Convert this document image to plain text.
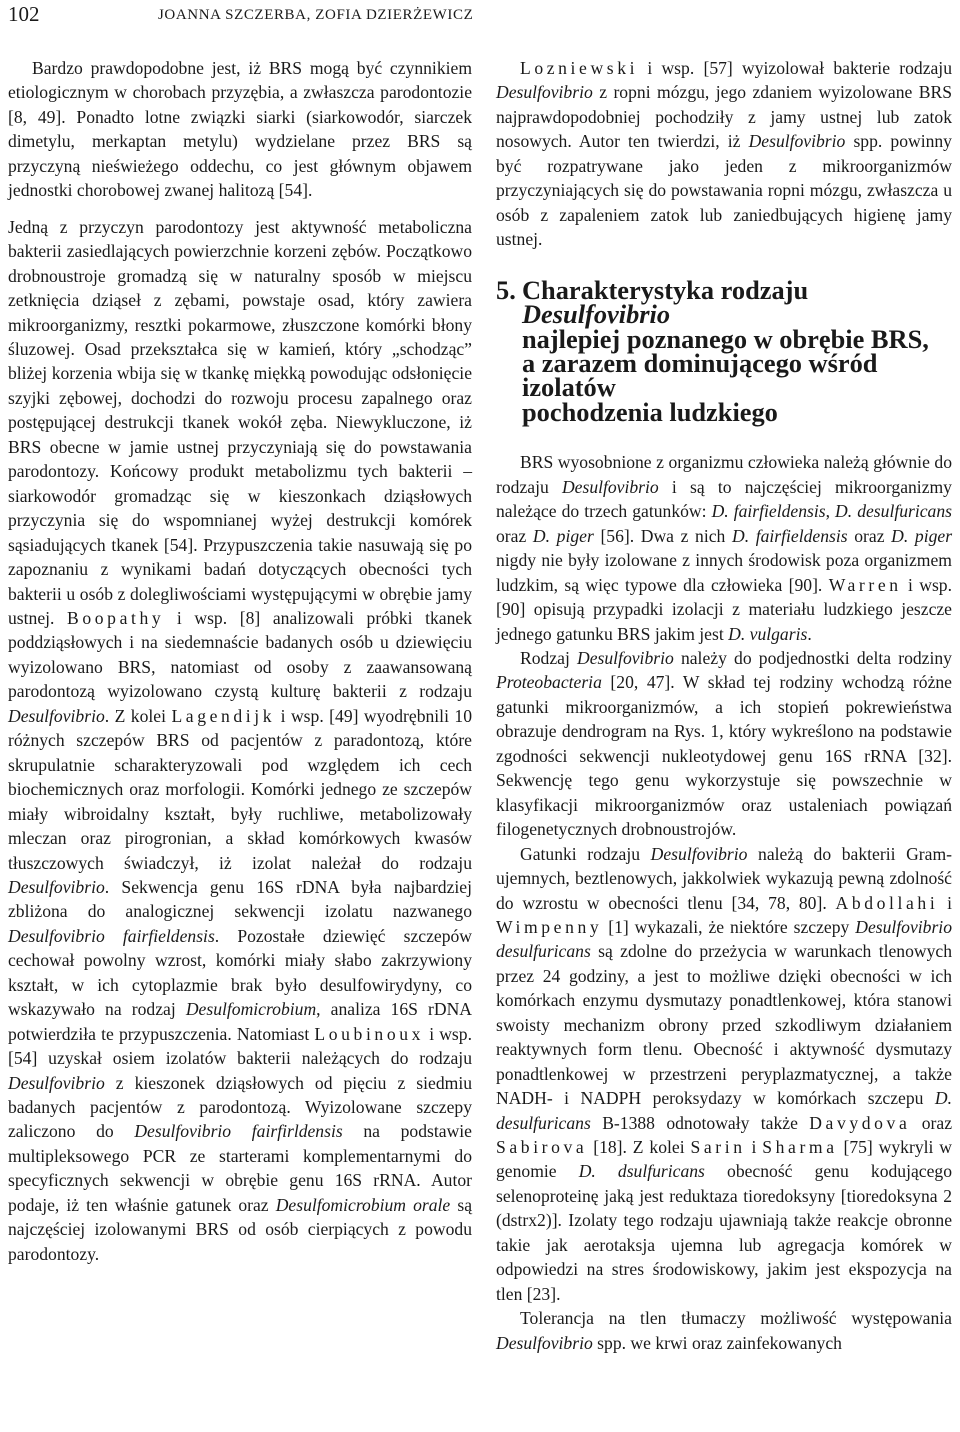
102	JOANNA SZCZERBA, ZOFIA DZIERŻEWICZ

Bardzo prawdopodobne jest, iż BRS mogą być czynnikiem etiologicznym w chorobach przyzębia, a zwłaszcza parodontozie [8, 49]. Ponadto lotne związki siarki (siarkowodór, siarczek dimetylu, merkaptan metylu) wydzielane przez BRS są przyczyną nieświeżego oddechu, co jest głównym objawem jednostki chorobowej zwanej halitozą [54].

Jedną z przyczyn parodontozy jest aktywność metaboliczna bakterii zasiedlających powierzchnie korzeni zębów. Początkowo drobnoustroje gromadzą się w naturalny sposób w miejscu zetknięcia dziąseł z zębami, powstaje osad, który zawiera mikroorganizmy, resztki pokarmowe, złuszczone komórki błony śluzowej. Osad przekształca się w kamień, który „schodząc” bliżej korzenia wbija się w tkankę miękką powodując odsłonięcie szyjki zębowej, dochodzi do rozwoju procesu zapalnego oraz postępującej destrukcji tkanek wokół zęba. Niewykluczone, iż BRS obecne w jamie ustnej przyczyniają się do powstawania parodontozy. Końcowy produkt metabolizmu tych bakterii – siarkowodór gromadząc się w kieszonkach dziąsłowych przyczynia się do wspomnianej wyżej destrukcji komórek sąsiadujących tkanek [54]. Przypuszczenia takie nasuwają się po zapoznaniu z wynikami badań dotyczących obecności tych bakterii u osób z dolegliwościami występującymi w obrębie jamy ustnej. Boopathy i wsp. [8] analizowali próbki tkanek poddziąsłowych i na siedemnaście badanych osób u dziewięciu wyizolowano BRS, natomiast od osoby z zaawansowaną parodontozą wyizolowano czystą kulturę bakterii z rodzaju Desulfovibrio. Z kolei Lagendijk i wsp. [49] wyodrębnili 10 różnych szczepów BRS od pacjentów z paradontozą, które skrupulatnie scharakteryzowali pod względem ich cech biochemicznych oraz morfologii. Komórki jednego ze szczepów miały wibroidalny kształt, były ruchliwe, metabolizowały mleczan oraz pirogronian, a skład komórkowych kwasów tłuszczowych świadczył, iż izolat należał do rodzaju Desulfovibrio. Sekwencja genu 16S rDNA była najbardziej zbliżona do analogicznej sekwencji izolatu nazwanego Desulfovibrio fairfieldensis. Pozostałe dziewięć szczepów cechował powolny wzrost, komórki miały słabo zakrzywiony kształt, w ich cytoplazmie brak było desulfowirydyny, co wskazywało na rodzaj Desulfomicrobium, analiza 16S rDNA potwierdziła te przypuszczenia. Natomiast Loubinoux i wsp. [54] uzyskał osiem izolatów bakterii należących do rodzaju Desulfovibrio z kieszonek dziąsłowych od pięciu z siedmiu badanych pacjentów z parodontozą. Wyizolowane szczepy zaliczono do Desulfovibrio fairfirldensis na podstawie multipleksowego PCR ze starterami komplementarnymi do specyficznych sekwencji w obrębie genu 16S rRNA. Autor podaje, iż ten właśnie gatunek oraz Desulfomicrobium orale są najczęściej izolowanymi BRS od osób cierpiących z powodu parodontozy.

Lozniewski i wsp. [57] wyizolował bakterie rodzaju Desulfovibrio z ropni mózgu, jego zdaniem wyizolowane BRS najprawdopodobniej pochodziły z jamy ustnej lub zatok nosowych. Autor ten twierdzi, iż Desulfovibrio spp. powinny być rozpatrywane jako jeden z mikroorganizmów przyczyniających się do powstawania ropni mózgu, zwłaszcza u osób z zapaleniem zatok lub zaniedbujących higienę jamy ustnej.

5. Charakterystyka rodzaju Desulfovibrio
najlepiej poznanego w obrębie BRS,
a zarazem dominującego wśród izolatów
pochodzenia ludzkiego

BRS wyosobnione z organizmu człowieka należą głównie do rodzaju Desulfovibrio i są to najczęściej mikroorganizmy należące do trzech gatunków: D. fairfieldensis, D. desulfuricans oraz D. piger [56]. Dwa z nich D. fairfieldensis oraz D. piger nigdy nie były izolowane z innych środowisk poza organizmem ludzkim, są więc typowe dla człowieka [90]. Warren i wsp. [90] opisują przypadki izolacji z materiału ludzkiego jeszcze jednego gatunku BRS jakim jest D. vulgaris.

Rodzaj Desulfovibrio należy do podjednostki delta rodziny Proteobacteria [20, 47]. W skład tej rodziny wchodzą różne gatunki mikroorganizmów, a ich stopień pokrewieństwa obrazuje dendrogram na Rys. 1, który wykreślono na podstawie zgodności sekwencji nukleotydowej genu 16S rRNA [32]. Sekwencję tego genu wykorzystuje się powszechnie w klasyfikacji mikroorganizmów oraz ustaleniach powiązań filogenetycznych drobnoustrojów.

Gatunki rodzaju Desulfovibrio należą do bakterii Gram-ujemnych, beztlenowych, jakkolwiek wykazują pewną zdolność do wzrostu w obecności tlenu [34, 78, 80]. Abdollahi i Wimpenny [1] wykazali, że niektóre szczepy Desulfovibrio desulfuricans są zdolne do przeżycia w warunkach tlenowych przez 24 godziny, a jest to możliwe dzięki obecności w ich komórkach enzymu dysmutazy ponadtlenkowej, która stanowi swoisty mechanizm obrony przed szkodliwym działaniem reaktywnych form tlenu. Obecność i aktywność dysmutazy ponadtlenkowej w przestrzeni peryplazmatycznej, a także NADH- i NADPH peroksydazy w komórkach szczepu D. desulfuricans B-1388 odnotowały także Davydova oraz Sabirova [18]. Z kolei Sarin i Sharma [75] wykryli w genomie D. dsulfuricans obecność genu kodującego selenoproteinę jaką jest reduktaza tioredoksyny [tioredoksyna 2 (dstrx2)]. Izolaty tego rodzaju ujawniają także reakcje obronne takie jak aerotaksja ujemna lub agregacja komórek w odpowiedzi na stres środowiskowy, jakim jest ekspozycja na tlen [23].

Tolerancja na tlen tłumaczy możliwość występowania Desulfovibrio spp. we krwi oraz zainfekowanych
